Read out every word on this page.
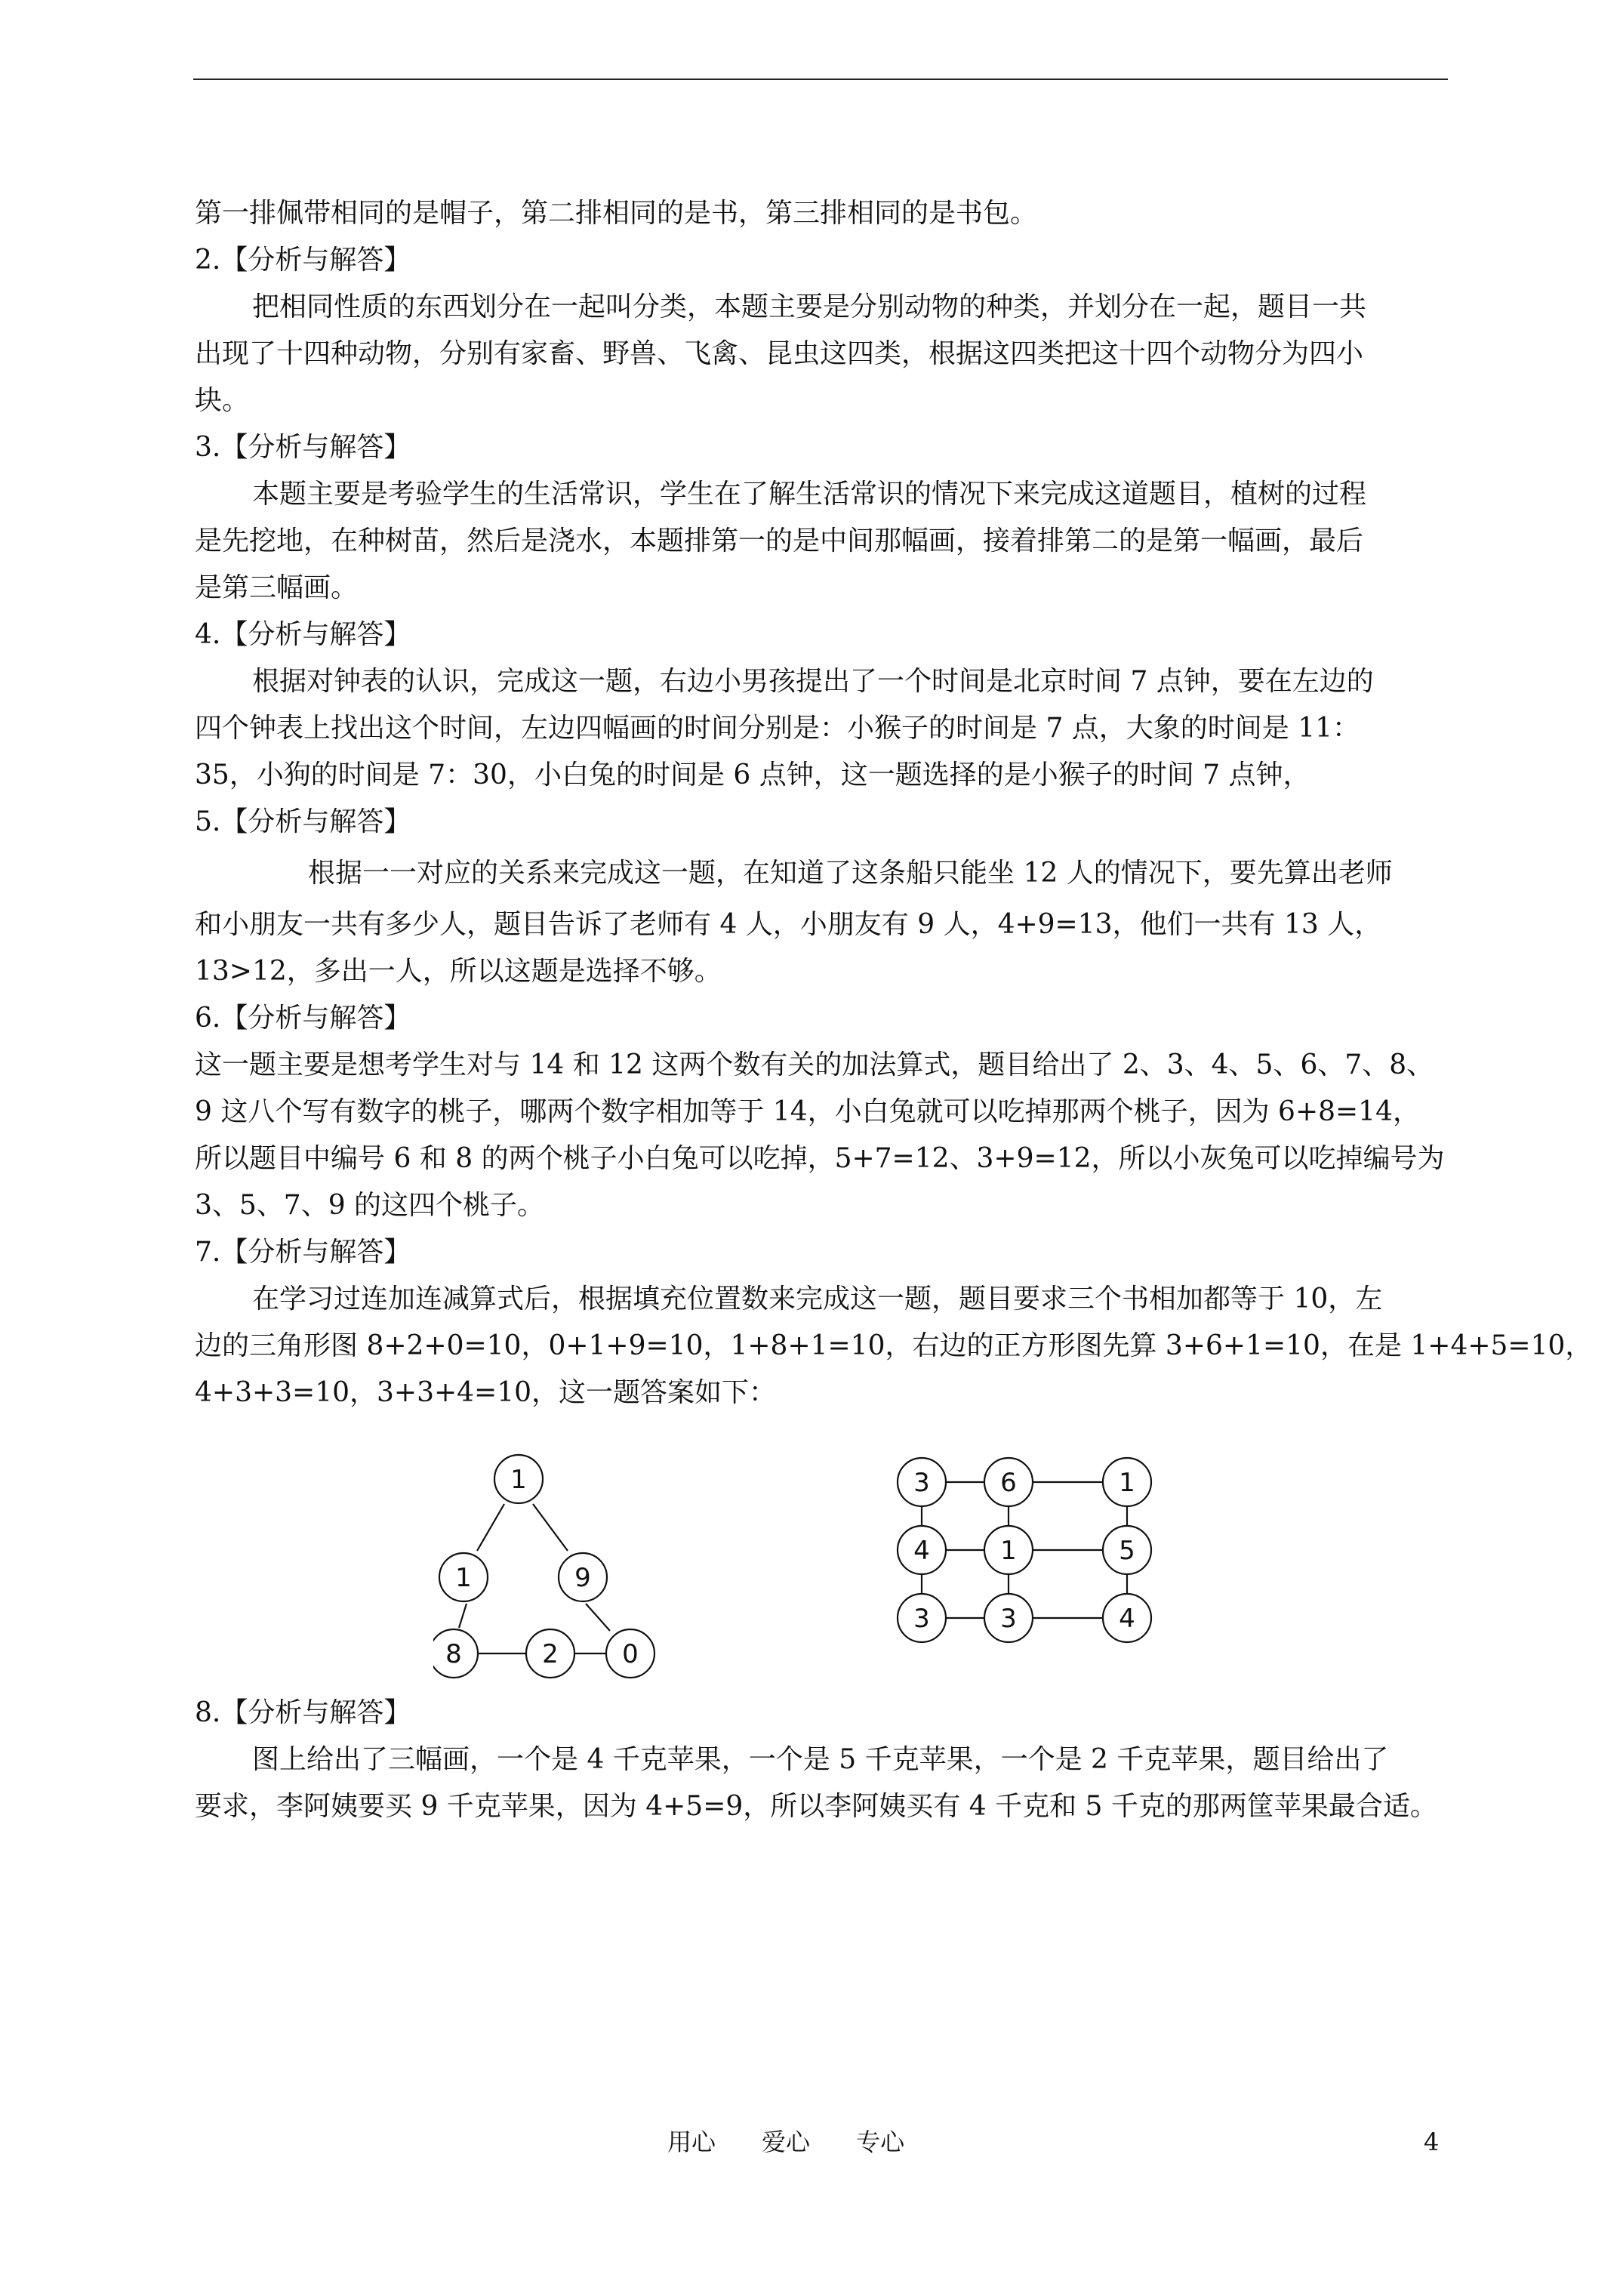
第一排佩带相同的是帽子，第二排相同的是书，第三排相同的是书包。

2.【分析与解答】

把相同性质的东西划分在一起叫分类，本题主要是分别动物的种类，并划分在一起，题目一共

出现了十四种动物，分别有家畜、野兽、飞禽、昆虫这四类，根据这四类把这十四个动物分为四小

块。

3.【分析与解答】

本题主要是考验学生的生活常识，学生在了解生活常识的情况下来完成这道题目，植树的过程

是先挖地，在种树苗，然后是浇水，本题排第一的是中间那幅画，接着排第二的是第一幅画，最后

是第三幅画。

4.【分析与解答】

根据对钟表的认识，完成这一题，右边小男孩提出了一个时间是北京时间 7 点钟，要在左边的

四个钟表上找出这个时间，左边四幅画的时间分别是：小猴子的时间是 7 点，大象的时间是 11：

35，小狗的时间是 7：30，小白兔的时间是 6 点钟，这一题选择的是小猴子的时间 7 点钟，

5.【分析与解答】

根据一一对应的关系来完成这一题，在知道了这条船只能坐 12 人的情况下，要先算出老师

和小朋友一共有多少人，题目告诉了老师有 4 人，小朋友有 9 人，4+9=13，他们一共有 13 人，

13>12，多出一人，所以这题是选择不够。

6.【分析与解答】

这一题主要是想考学生对与 14 和 12 这两个数有关的加法算式，题目给出了 2、3、4、5、6、7、8、

9 这八个写有数字的桃子，哪两个数字相加等于 14，小白兔就可以吃掉那两个桃子，因为 6+8=14，

所以题目中编号 6 和 8 的两个桃子小白兔可以吃掉，5+7=12、3+9=12，所以小灰兔可以吃掉编号为

3、5、7、9 的这四个桃子。

7.【分析与解答】

在学习过连加连减算式后，根据填充位置数来完成这一题，题目要求三个书相加都等于 10，左

边的三角形图 8+2+0=10，0+1+9=10，1+8+1=10，右边的正方形图先算 3+6+1=10，在是 1+4+5=10，

4+3+3=10，3+3+4=10，这一题答案如下：

1
1	9
8	2 0
3	6	1
4	1	5
3	3	4

8.【分析与解答】

图上给出了三幅画，一个是 4 千克苹果，一个是 5 千克苹果，一个是 2 千克苹果，题目给出了

要求，李阿姨要买 9 千克苹果，因为 4+5=9，所以李阿姨买有 4 千克和 5 千克的那两筐苹果最合适。

用心      爱心      专心	4
